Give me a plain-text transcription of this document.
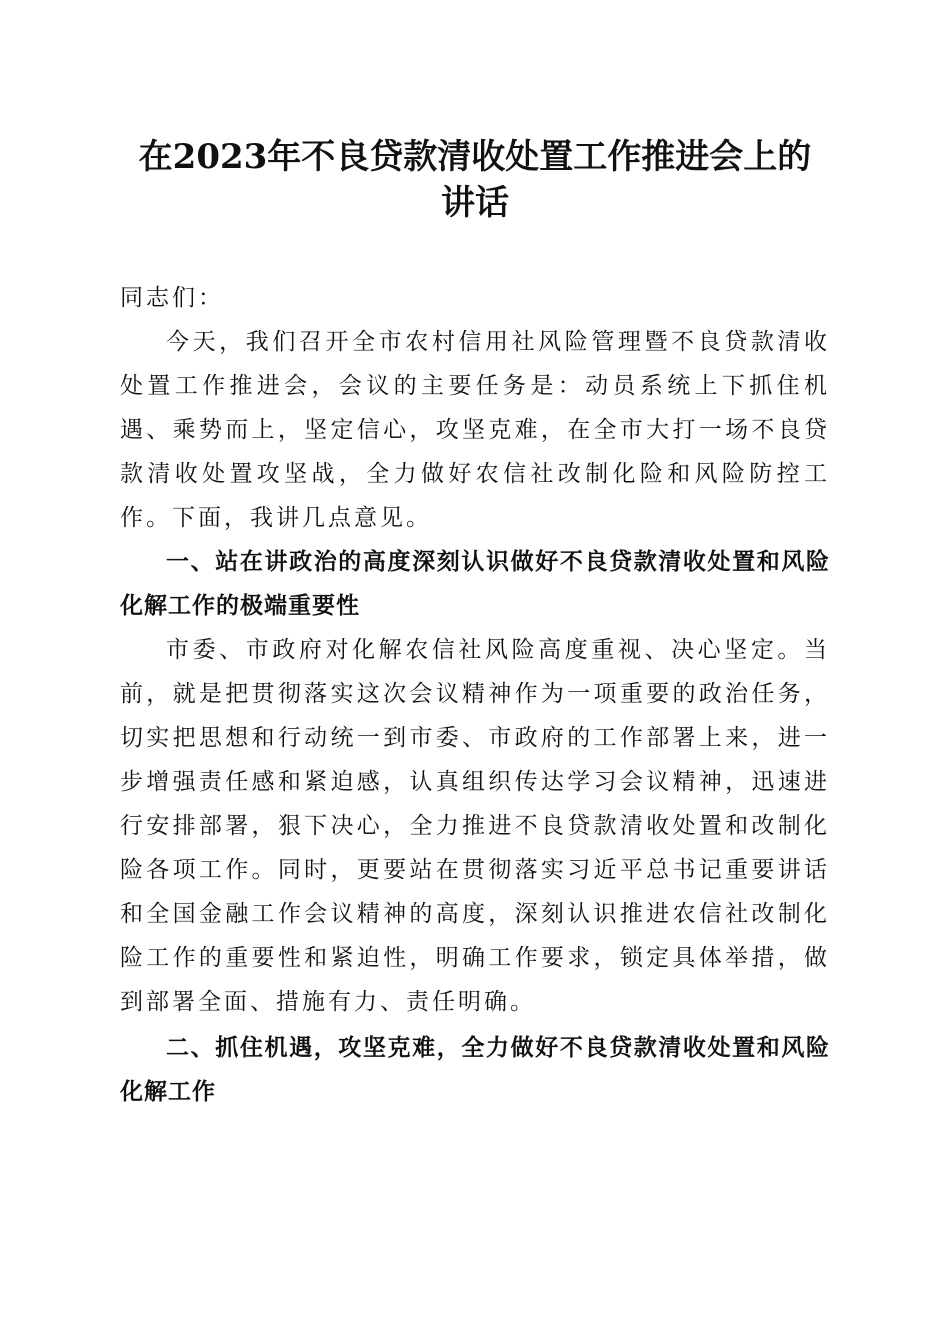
在2023年不良贷款清收处置工作推进会上的
讲话

同志们：

今天，我们召开全市农村信用社风险管理暨不良贷款清收处置工作推进会，会议的主要任务是：动员系统上下抓住机遇、乘势而上，坚定信心，攻坚克难，在全市大打一场不良贷款清收处置攻坚战，全力做好农信社改制化险和风险防控工作。下面，我讲几点意见。

一、站在讲政治的高度深刻认识做好不良贷款清收处置和风险化解工作的极端重要性

市委、市政府对化解农信社风险高度重视、决心坚定。当前，就是把贯彻落实这次会议精神作为一项重要的政治任务，切实把思想和行动统一到市委、市政府的工作部署上来，进一步增强责任感和紧迫感，认真组织传达学习会议精神，迅速进行安排部署，狠下决心，全力推进不良贷款清收处置和改制化险各项工作。同时，更要站在贯彻落实习近平总书记重要讲话和全国金融工作会议精神的高度，深刻认识推进农信社改制化险工作的重要性和紧迫性，明确工作要求，锁定具体举措，做到部署全面、措施有力、责任明确。

二、抓住机遇，攻坚克难，全力做好不良贷款清收处置和风险化解工作
